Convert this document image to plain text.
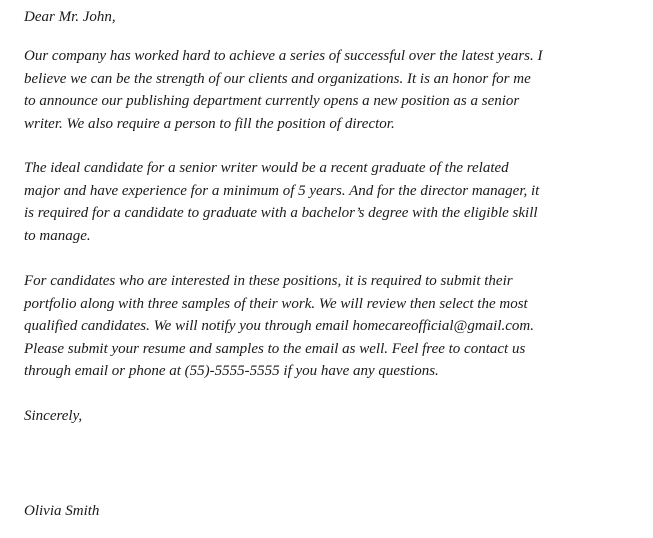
Dear Mr. John,

Our company has worked hard to achieve a series of successful over the latest years. I
believe we can be the strength of our clients and organizations. It is an honor for me
to announce our publishing department currently opens a new position as a senior
writer. We also require a person to fill the position of director.

The ideal candidate for a senior writer would be a recent graduate of the related
major and have experience for a minimum of 5 years. And for the director manager, it
is required for a candidate to graduate with a bachelor’s degree with the eligible skill
to manage.

For candidates who are interested in these positions, it is required to submit their
portfolio along with three samples of their work. We will review then select the most
qualified candidates. We will notify you through email homecareofficial@gmail.com.
Please submit your resume and samples to the email as well. Feel free to contact us
through email or phone at (55)-5555-5555 if you have any questions.

Sincerely,
Olivia Smith
